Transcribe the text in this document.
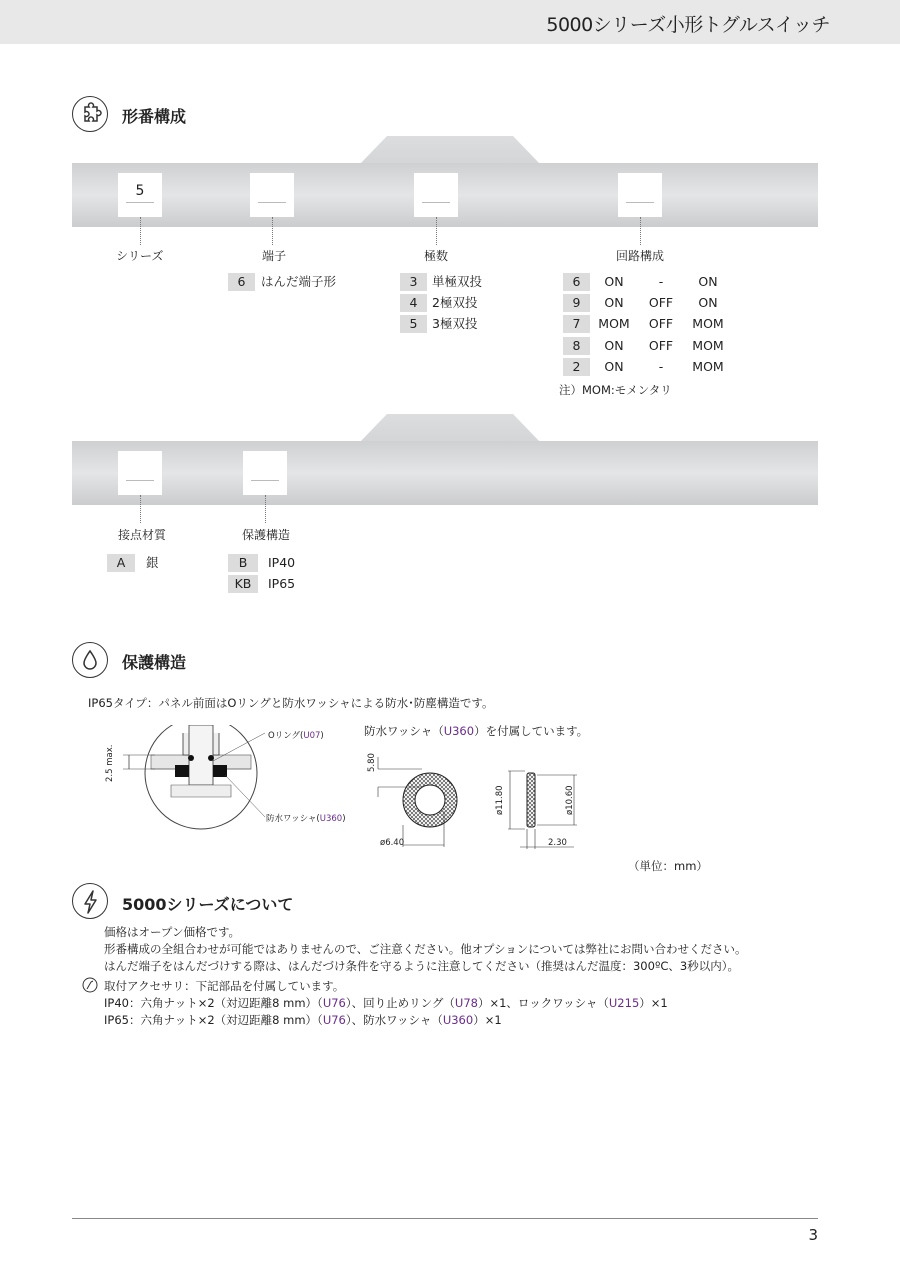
5000シリーズ小形トグルスイッチ
形番構成
5
シリーズ	端子	極数	回路構成
6	はんだ端子形	3	単極双投
4	2極双投
5	3極双投
6	ON	-	ON
9	ON	OFF	ON
7	MOM	OFF	MOM
8	ON	OFF	MOM
2	ON	-	MOM
注）MOM:モメンタリ
接点材質	保護構造
A	銀	B	IP40
KB	IP65
保護構造
IP65タイプ：パネル前面はOリングと防水ワッシャによる防水･防塵構造です。
2.5 max.
Oリング(U07)
防水ワッシャ(U360)
防水ワッシャ（U360）を付属しています。
5.80
ø6.40
ø11.80	ø10.60
2.30
（単位：mm）
5000シリーズについて
価格はオープン価格です。
形番構成の全組合わせが可能ではありませんので、ご注意ください。他オプションについては弊社にお問い合わせください。
はんだ端子をはんだづけする際は、はんだづけ条件を守るように注意してください（推奨はんだ温度：300ºC、3秒以内）。
取付アクセサリ：下記部品を付属しています。
IP40：六角ナット×2（対辺距離8 mm）（U76）、回り止めリング（U78）×1、ロックワッシャ（U215）×1
IP65：六角ナット×2（対辺距離8 mm）（U76）、防水ワッシャ（U360）×1
3
